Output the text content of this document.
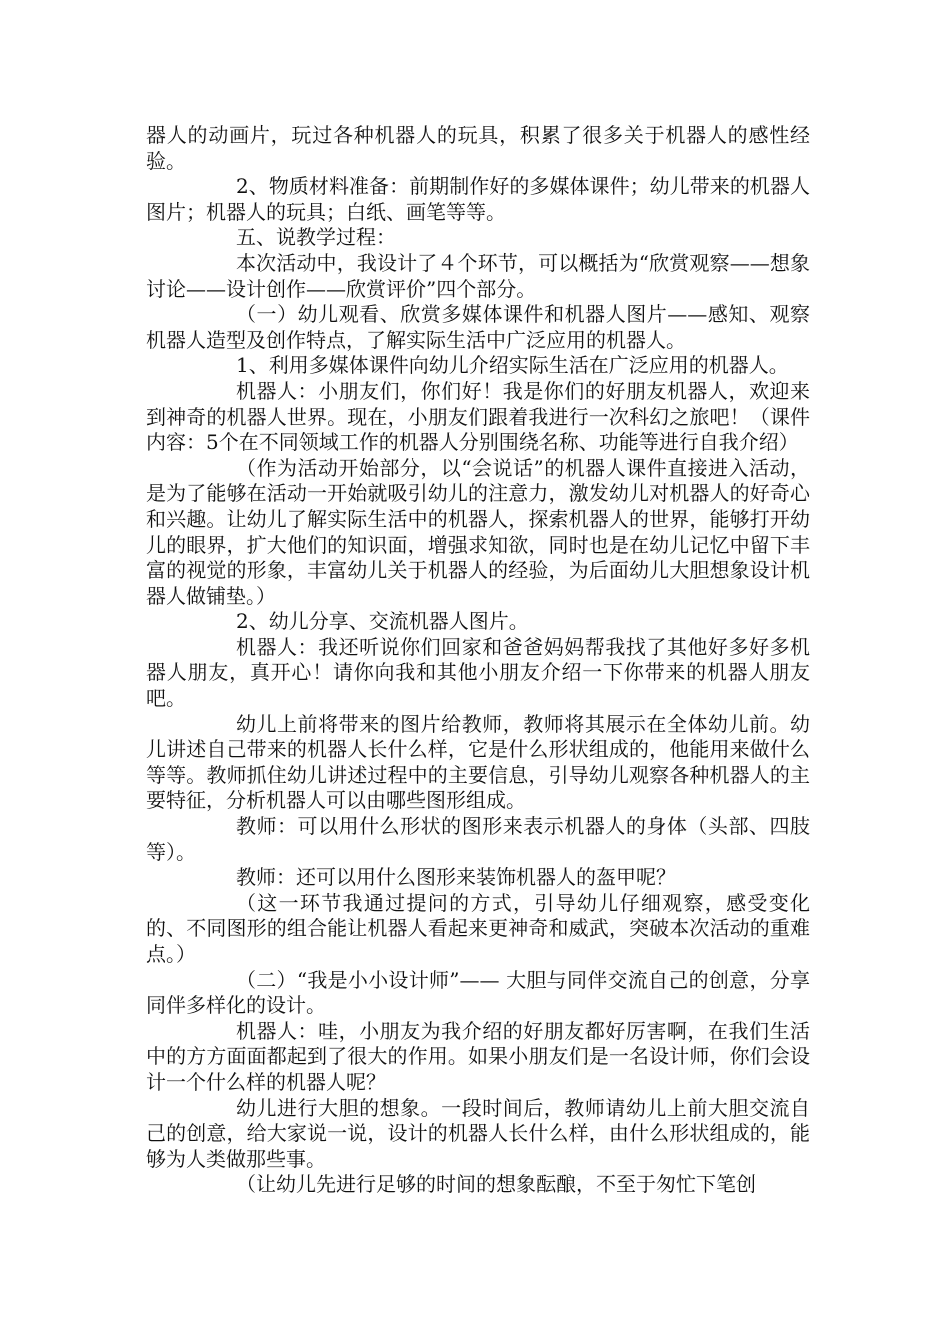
器人的动画片，玩过各种机器人的玩具，积累了很多关于机器人的感性经验。

2、物质材料准备：前期制作好的多媒体课件；幼儿带来的机器人图片；机器人的玩具；白纸、画笔等等。

五、说教学过程：

本次活动中，我设计了４个环节，可以概括为“欣赏观察——想象讨论——设计创作——欣赏评价”四个部分。

（一）幼儿观看、欣赏多媒体课件和机器人图片——感知、观察机器人造型及创作特点，了解实际生活中广泛应用的机器人。

1、利用多媒体课件向幼儿介绍实际生活在广泛应用的机器人。

机器人：小朋友们，你们好！我是你们的好朋友机器人，欢迎来到神奇的机器人世界。现在，小朋友们跟着我进行一次科幻之旅吧！（课件内容：5个在不同领域工作的机器人分别围绕名称、功能等进行自我介绍）

（作为活动开始部分，以“会说话”的机器人课件直接进入活动，是为了能够在活动一开始就吸引幼儿的注意力，激发幼儿对机器人的好奇心和兴趣。让幼儿了解实际生活中的机器人，探索机器人的世界，能够打开幼儿的眼界，扩大他们的知识面，增强求知欲，同时也是在幼儿记忆中留下丰富的视觉的形象，丰富幼儿关于机器人的经验，为后面幼儿大胆想象设计机器人做铺垫。）

2、幼儿分享、交流机器人图片。

机器人：我还听说你们回家和爸爸妈妈帮我找了其他好多好多机器人朋友，真开心！请你向我和其他小朋友介绍一下你带来的机器人朋友吧。

幼儿上前将带来的图片给教师，教师将其展示在全体幼儿前。幼儿讲述自己带来的机器人长什么样，它是什么形状组成的，他能用来做什么等等。教师抓住幼儿讲述过程中的主要信息，引导幼儿观察各种机器人的主要特征，分析机器人可以由哪些图形组成。

教师：可以用什么形状的图形来表示机器人的身体（头部、四肢等）。

教师：还可以用什么图形来装饰机器人的盔甲呢？

（这一环节我通过提问的方式，引导幼儿仔细观察，感受变化的、不同图形的组合能让机器人看起来更神奇和威武，突破本次活动的重难点。）

（二）“我是小小设计师”—— 大胆与同伴交流自己的创意，分享同伴多样化的设计。

机器人：哇，小朋友为我介绍的好朋友都好厉害啊，在我们生活中的方方面面都起到了很大的作用。如果小朋友们是一名设计师，你们会设计一个什么样的机器人呢？

幼儿进行大胆的想象。一段时间后，教师请幼儿上前大胆交流自己的创意，给大家说一说，设计的机器人长什么样，由什么形状组成的，能够为人类做那些事。

（让幼儿先进行足够的时间的想象酝酿，不至于匆忙下笔创
